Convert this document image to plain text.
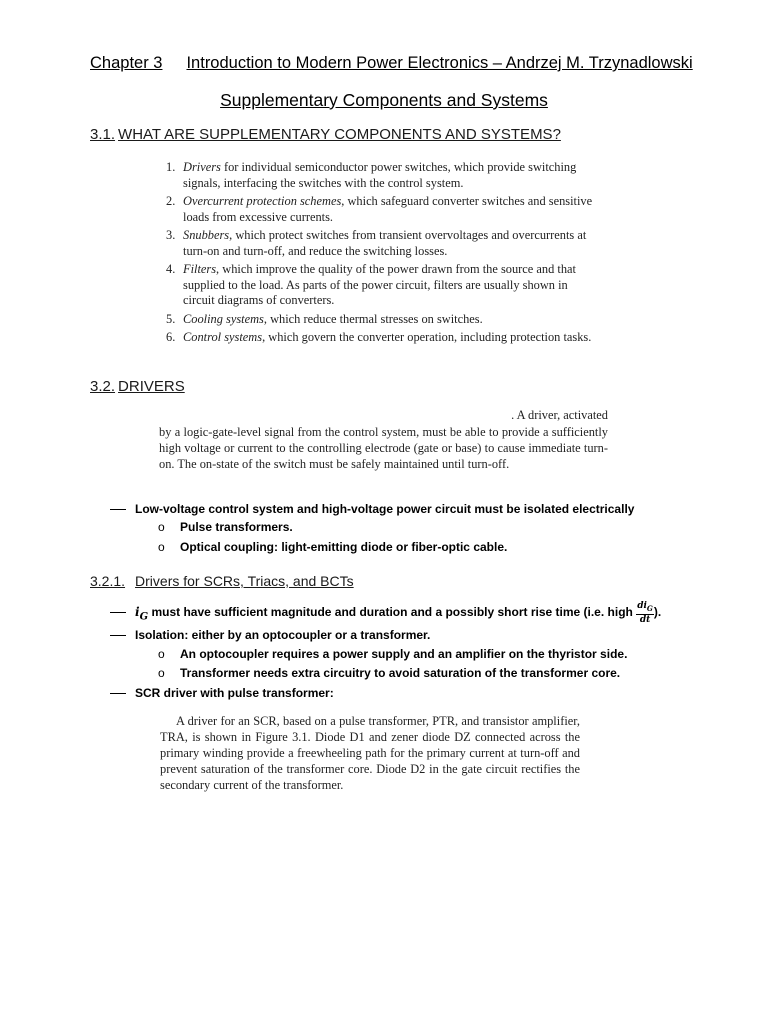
Chapter 3 Introduction to Modern Power Electronics – Andrzej M. Trzynadlowski
Supplementary Components and Systems
3.1. WHAT ARE SUPPLEMENTARY COMPONENTS AND SYSTEMS?
1. Drivers for individual semiconductor power switches, which provide switching signals, interfacing the switches with the control system.
2. Overcurrent protection schemes, which safeguard converter switches and sensitive loads from excessive currents.
3. Snubbers, which protect switches from transient overvoltages and overcurrents at turn-on and turn-off, and reduce the switching losses.
4. Filters, which improve the quality of the power drawn from the source and that supplied to the load. As parts of the power circuit, filters are usually shown in circuit diagrams of converters.
5. Cooling systems, which reduce thermal stresses on switches.
6. Control systems, which govern the converter operation, including protection tasks.
3.2. DRIVERS
. A driver, activated
by a logic-gate-level signal from the control system, must be able to provide a sufficiently high voltage or current to the controlling electrode (gate or base) to cause immediate turn-on. The on-state of the switch must be safely maintained until turn-off.
Low-voltage control system and high-voltage power circuit must be isolated electrically
o Pulse transformers.
o Optical coupling: light-emitting diode or fiber-optic cable.
3.2.1. Drivers for SCRs, Triacs, and BCTs
$i_G$ must have sufficient magnitude and duration and a possibly short rise time (i.e. high $\frac{di_G}{dt}$ ).
Isolation: either by an optocoupler or a transformer.
o An optocoupler requires a power supply and an amplifier on the thyristor side.
o Transformer needs extra circuitry to avoid saturation of the transformer core.
SCR driver with pulse transformer:
A driver for an SCR, based on a pulse transformer, PTR, and transistor amplifier, TRA, is shown in Figure 3.1. Diode D1 and zener diode DZ connected across the primary winding provide a freewheeling path for the primary current at turn-off and prevent saturation of the transformer core. Diode D2 in the gate circuit rectifies the secondary current of the transformer.
